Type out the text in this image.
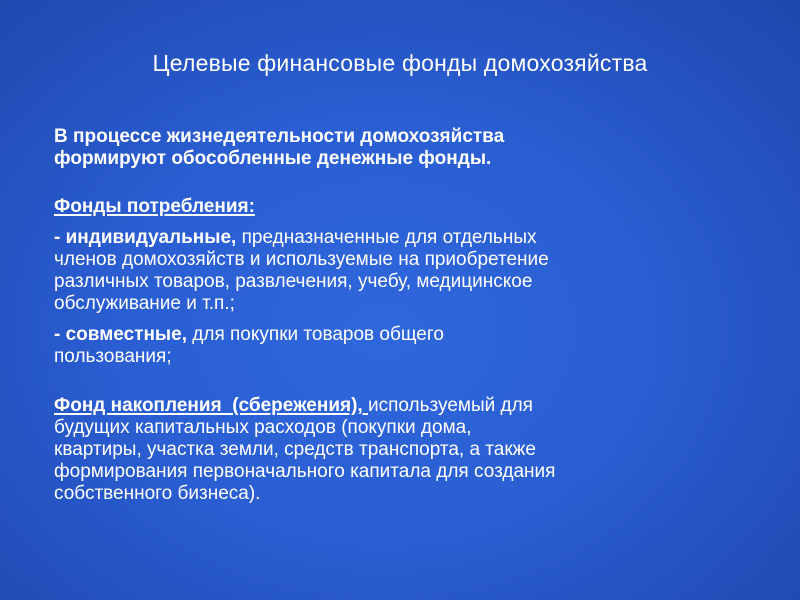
Целевые финансовые фонды домохозяйства
В процессе жизнедеятельности домохозяйства
формируют обособленные денежные фонды.
Фонды потребления:
- индивидуальные, предназначенные для отдельных
членов домохозяйств и используемые на приобретение
различных товаров, развлечения, учебу, медицинское
обслуживание и т.п.;
- совместные, для покупки товаров общего
пользования;
Фонд накопления  (сбережения), используемый для
будущих капитальных расходов (покупки дома,
квартиры, участка земли, средств транспорта, а также
формирования первоначального капитала для создания
собственного бизнеса).
